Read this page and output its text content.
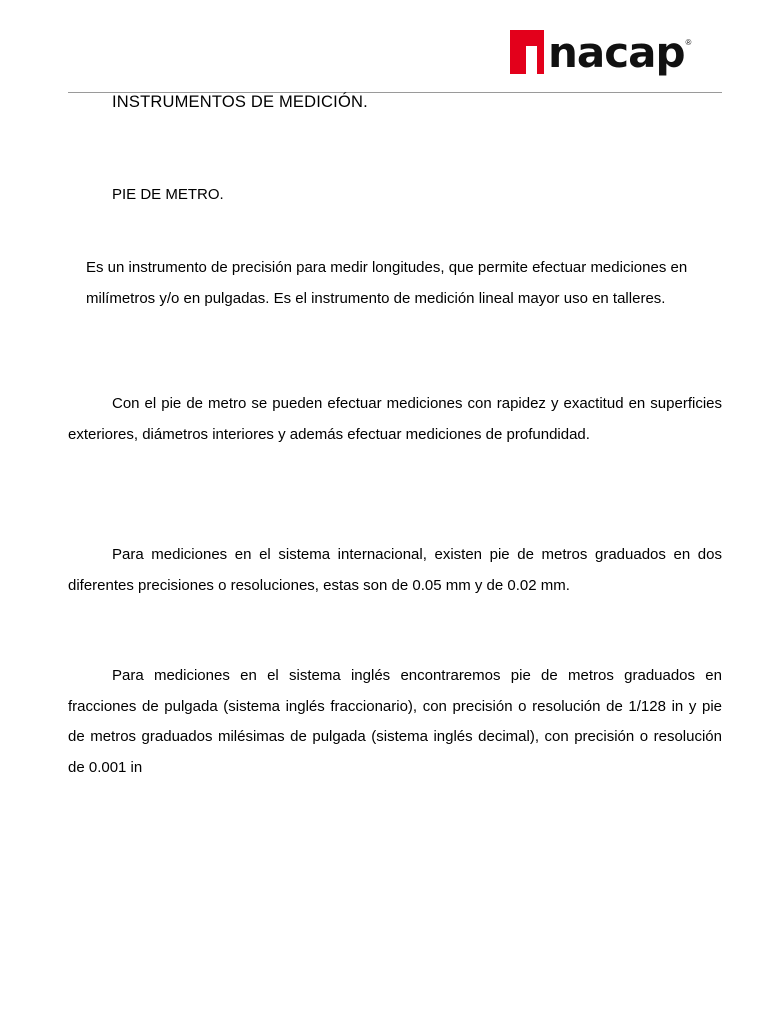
nacap ®
INSTRUMENTOS DE MEDICIÓN.
PIE DE METRO.

Es un instrumento de precisión para medir longitudes, que permite efectuar mediciones en milímetros y/o en pulgadas. Es el instrumento de medición lineal mayor uso en talleres.

Con el pie de metro se pueden efectuar mediciones con rapidez y exactitud en superficies exteriores, diámetros interiores y además efectuar mediciones de profundidad.

Para mediciones en el sistema internacional, existen pie de metros graduados en dos diferentes precisiones o resoluciones, estas son de 0.05 mm y de 0.02 mm.

Para mediciones en el sistema inglés encontraremos pie de metros graduados en fracciones de pulgada (sistema inglés fraccionario), con precisión o resolución de 1/128 in y pie de metros graduados milésimas de pulgada (sistema inglés decimal), con precisión o resolución de 0.001 in
